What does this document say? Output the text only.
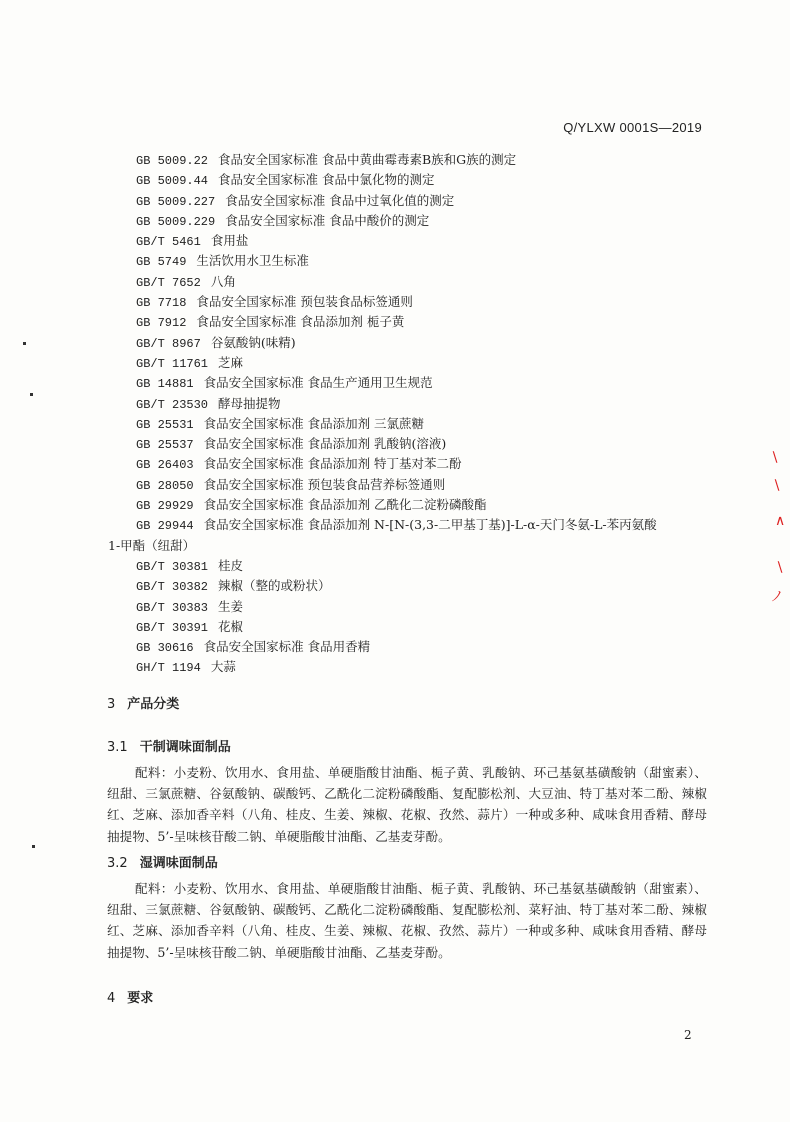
Q/YLXW 0001S—2019
GB 5009.22 食品安全国家标准 食品中黄曲霉毒素B族和G族的测定
GB 5009.44 食品安全国家标准 食品中氯化物的测定
GB 5009.227 食品安全国家标准 食品中过氧化值的测定
GB 5009.229 食品安全国家标准 食品中酸价的测定
GB/T 5461 食用盐
GB 5749 生活饮用水卫生标准
GB/T 7652 八角
GB 7718 食品安全国家标准 预包装食品标签通则
GB 7912 食品安全国家标准 食品添加剂 栀子黄
GB/T 8967 谷氨酸钠(味精)
GB/T 11761 芝麻
GB 14881 食品安全国家标准 食品生产通用卫生规范
GB/T 23530 酵母抽提物
GB 25531 食品安全国家标准 食品添加剂 三氯蔗糖
GB 25537 食品安全国家标准 食品添加剂 乳酸钠(溶液)
GB 26403 食品安全国家标准 食品添加剂 特丁基对苯二酚
GB 28050 食品安全国家标准 预包装食品营养标签通则
GB 29929 食品安全国家标准 食品添加剂 乙酰化二淀粉磷酸酯
GB 29944 食品安全国家标准 食品添加剂 N-[N-(3,3-二甲基丁基)]-L-α-天门冬氨-L-苯丙氨酸
1-甲酯（纽甜）
GB/T 30381 桂皮
GB/T 30382 辣椒（整的或粉状）
GB/T 30383 生姜
GB/T 30391 花椒
GB 30616 食品安全国家标准 食品用香精
GH/T 1194 大蒜
3 产品分类
3.1 干制调味面制品
配料：小麦粉、饮用水、食用盐、单硬脂酸甘油酯、栀子黄、乳酸钠、环己基氨基磺酸钠（甜蜜素）、纽甜、三氯蔗糖、谷氨酸钠、碳酸钙、乙酰化二淀粉磷酸酯、复配膨松剂、大豆油、特丁基对苯二酚、辣椒红、芝麻、添加香辛料（八角、桂皮、生姜、辣椒、花椒、孜然、蒜片）一种或多种、咸味食用香精、酵母抽提物、5’-呈味核苷酸二钠、单硬脂酸甘油酯、乙基麦芽酚。
3.2 湿调味面制品
配料：小麦粉、饮用水、食用盐、单硬脂酸甘油酯、栀子黄、乳酸钠、环己基氨基磺酸钠（甜蜜素）、纽甜、三氯蔗糖、谷氨酸钠、碳酸钙、乙酰化二淀粉磷酸酯、复配膨松剂、菜籽油、特丁基对苯二酚、辣椒红、芝麻、添加香辛料（八角、桂皮、生姜、辣椒、花椒、孜然、蒜片）一种或多种、咸味食用香精、酵母抽提物、5’-呈味核苷酸二钠、单硬脂酸甘油酯、乙基麦芽酚。
4 要求
2
∖
∖
∧
∖
ノ
